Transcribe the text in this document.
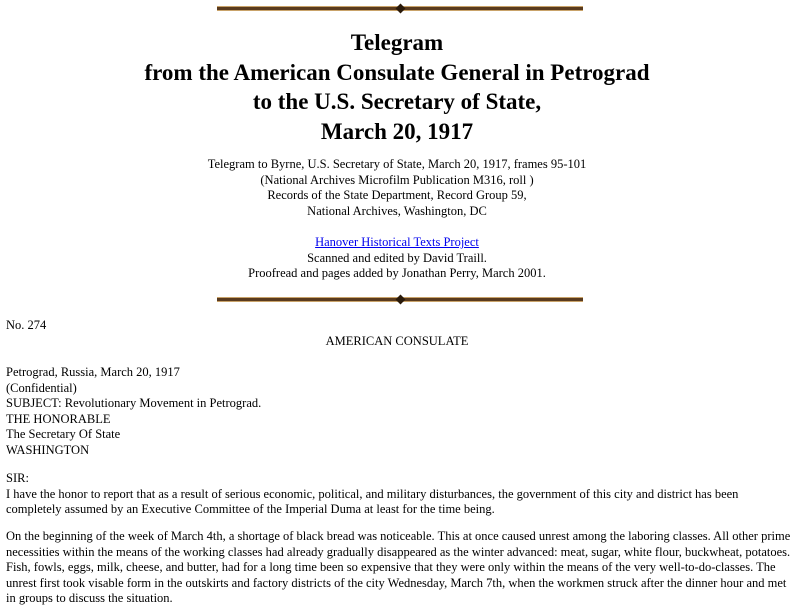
Telegram
from the American Consulate General in Petrograd
to the U.S. Secretary of State,
March 20, 1917
Telegram to Byrne, U.S. Secretary of State, March 20, 1917, frames 95-101
(National Archives Microfilm Publication M316, roll )
Records of the State Department, Record Group 59,
National Archives, Washington, DC
Hanover Historical Texts Project
Scanned and edited by David Traill.
Proofread and pages added by Jonathan Perry, March 2001.
No. 274
AMERICAN CONSULATE
Petrograd, Russia, March 20, 1917
(Confidential)
SUBJECT: Revolutionary Movement in Petrograd.
THE HONORABLE
The Secretary Of State
WASHINGTON
SIR:
I have the honor to report that as a result of serious economic, political, and military disturbances, the government of this city and district has been
completely assumed by an Executive Committee of the Imperial Duma at least for the time being.
On the beginning of the week of March 4th, a shortage of black bread was noticeable. This at once caused unrest among the laboring classes. All other prime
necessities within the means of the working classes had already gradually disappeared as the winter advanced: meat, sugar, white flour, buckwheat, potatoes.
Fish, fowls, eggs, milk, cheese, and butter, had for a long time been so expensive that they were only within the means of the very well-to-do-classes. The
unrest first took visable form in the outskirts and factory districts of the city Wednesday, March 7th, when the workmen struck after the dinner hour and met
in groups to discuss the situation.
